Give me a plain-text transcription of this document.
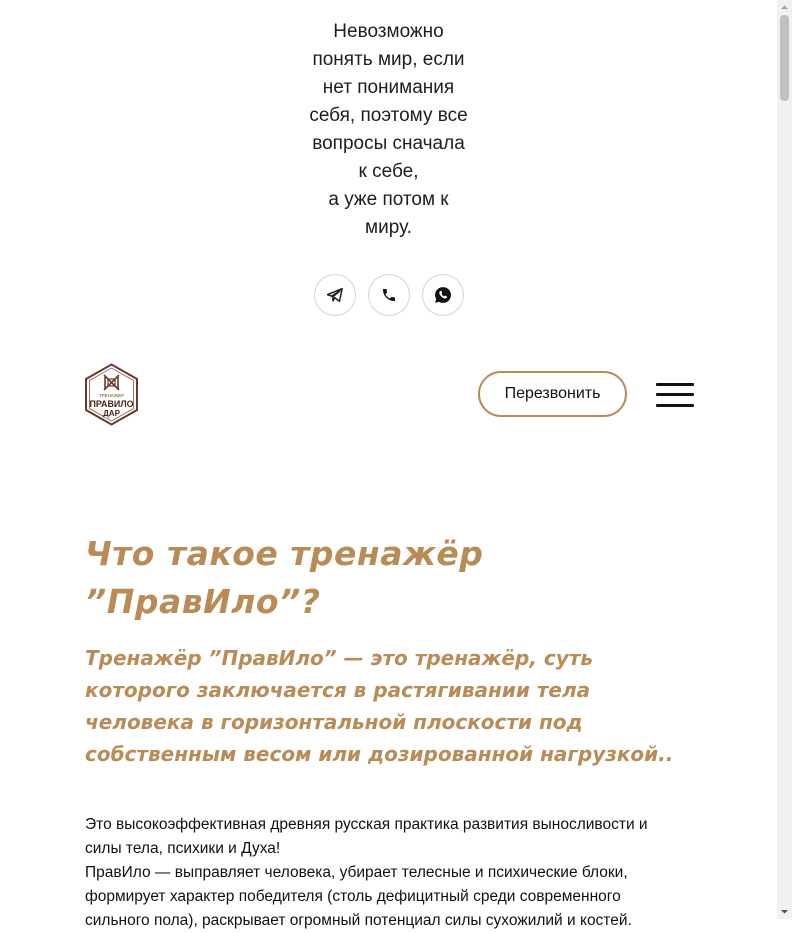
Невозможно
понять мир, если
нет понимания
себя, поэтому все
вопросы сначала
к себе,
а уже потом к
миру.
ТРЕНАЖЕР
ПРАВИЛО
ДАР
Перезвонить
Что такое тренажёр ”ПравИло”?
Тренажёр ”ПравИло” — это тренажёр, суть которого заключается в растягивании тела человека в горизонтальной плоскости под собственным весом или дозированной нагрузкой..

Это высокоэффективная древняя русская практика развития выносливости и силы тела, психики и Духа!

ПравИло — выправляет человека, убирает телесные и психические блоки, формирует характер победителя (столь дефицитный среди современного сильного пола), раскрывает огромный потенциал силы сухожилий и костей.
